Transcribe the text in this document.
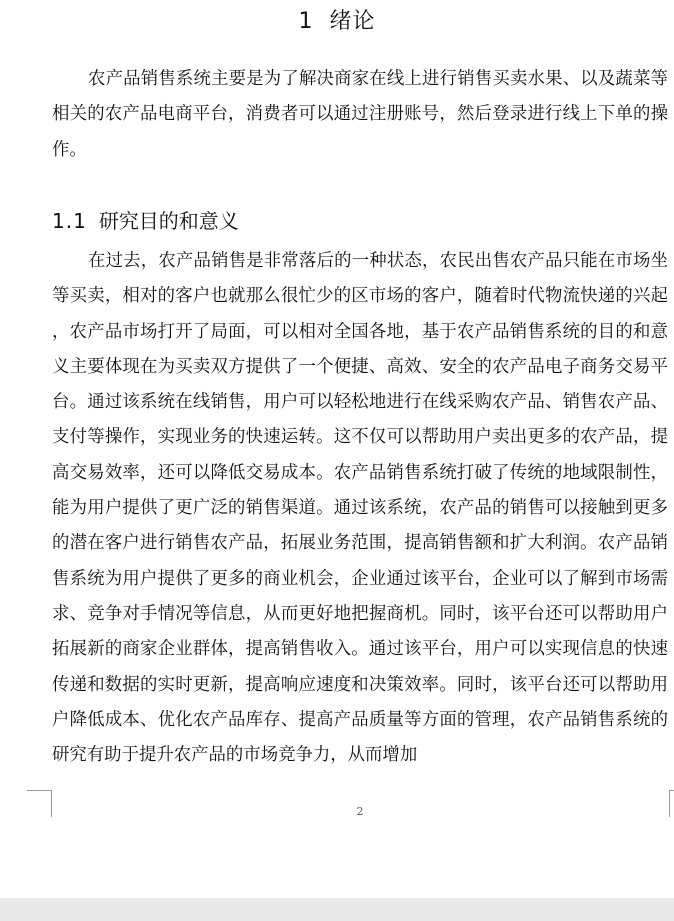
1 绪论

农产品销售系统主要是为了解决商家在线上进行销售买卖水果、以及蔬菜等相关的农产品电商平台，消费者可以通过注册账号，然后登录进行线上下单的操作。

1.1 研究目的和意义

在过去，农产品销售是非常落后的一种状态，农民出售农产品只能在市场坐等买卖，相对的客户也就那么很忙少的区市场的客户，随着时代物流快递的兴起 ，农产品市场打开了局面，可以相对全国各地，基于农产品销售系统的目的和意义主要体现在为买卖双方提供了一个便捷、高效、安全的农产品电子商务交易平台。通过该系统在线销售，用户可以轻松地进行在线采购农产品、销售农产品、支付等操作，实现业务的快速运转。这不仅可以帮助用户卖出更多的农产品，提高交易效率，还可以降低交易成本。农产品销售系统打破了传统的地域限制性，能为用户提供了更广泛的销售渠道。通过该系统，农产品的销售可以接触到更多的潜在客户进行销售农产品，拓展业务范围，提高销售额和扩大利润。农产品销售系统为用户提供了更多的商业机会，企业通过该平台，企业可以了解到市场需求、竞争对手情况等信息，从而更好地把握商机。同时，该平台还可以帮助用户拓展新的商家企业群体，提高销售收入。通过该平台，用户可以实现信息的快速传递和数据的实时更新，提高响应速度和决策效率。同时，该平台还可以帮助用户降低成本、优化农产品库存、提高产品质量等方面的管理，农产品销售系统的研究有助于提升农产品的市场竞争力，从而增加

2
